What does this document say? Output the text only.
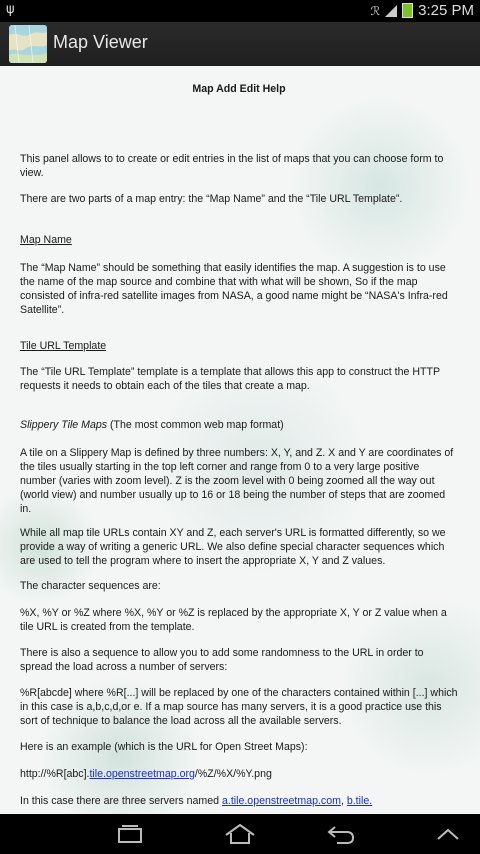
ψ	ℛ	3:25 PM
Map Viewer

Map Add Edit Help

This panel allows to to create or edit entries in the list of maps that you can choose form to view.

There are two parts of a map entry: the “Map Name” and the “Tile URL Template”.

Map Name

The “Map Name” should be something that easily identifies the map. A suggestion is to use the name of the map source and combine that with what will be shown, So if the map consisted of infra-red satellite images from NASA, a good name might be “NASA's Infra-red Satellite”.

Tile URL Template

The “Tile URL Template” template is a template that allows this app to construct the HTTP requests it needs to obtain each of the tiles that create a map.

Slippery Tile Maps (The most common web map format)

A tile on a Slippery Map is defined by three numbers: X, Y, and Z. X and Y are coordinates of the tiles usually starting in the top left corner and range from 0 to a very large positive number (varies with zoom level). Z is the zoom level with 0 being zoomed all the way out (world view) and number usually up to 16 or 18 being the number of steps that are zoomed in.

While all map tile URLs contain XY and Z, each server's URL is formatted differently, so we provide a way of writing a generic URL. We also define special character sequences which are used to tell the program where to insert the appropriate X, Y and Z values.

The character sequences are:

%X, %Y or %Z where %X, %Y or %Z is replaced by the appropriate X, Y or Z value when a tile URL is created from the template.

There is also a sequence to allow you to add some randomness to the URL in order to spread the load across a number of servers:

%R[abcde] where %R[...] will be replaced by one of the characters contained within [...] which in this case is a,b,c,d,or e. If a map source has many servers, it is a good practice use this sort of technique to balance the load across all the available servers.

Here is an example (which is the URL for Open Street Maps):

http://%R[abc].tile.openstreetmap.org/%Z/%X/%Y.png

In this case there are three servers named a.tile.openstreetmap.com, b.tile.
